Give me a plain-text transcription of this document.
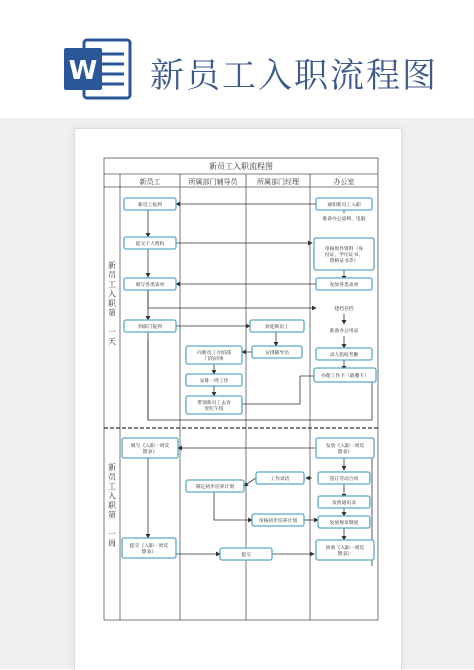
W 新员工入职流程图
新员工入职流程图
新员工	所属部门辅导员	所属部门经理	办公室
新
员
工
入
职
第
一
天
新
员
工
入
职
第
一
周
新员工报到
提交个人资料
填写各类表单
到部门报到
向新员工介绍部
门的同事
安排一周工作
带领新员工去食
堂吃午饭
欢迎新员工
安排辅导员
通知新员工入职
准备办公桌椅、电脑
审核原件资料（身
份证、学历证书、
资格证书等）
发放各类表单
建档存档
准备办公用品
录入指纹考勤
办理工作卡（就餐卡）
填写《入职一周反
馈表》
发放《入职一周反
馈表》
工作谈话	签订劳动合同
发放通讯录
制定初步培养计划
审核初步培养计划	发放规章制度
提交《入职一周反
馈表》
提交
回收《入职一周反
馈表》
